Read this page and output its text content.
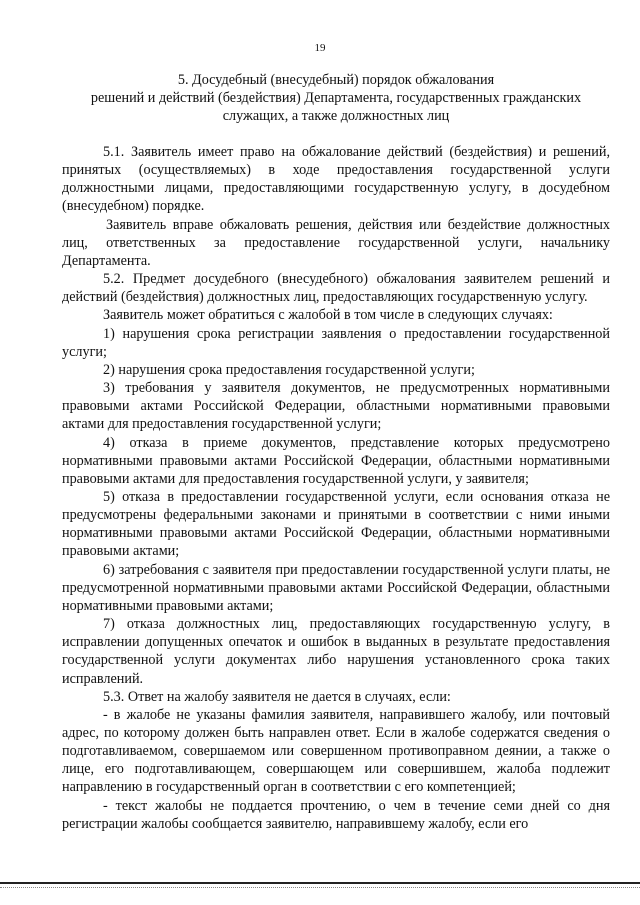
19
5. Досудебный (внесудебный) порядок обжалования
решений и действий (бездействия) Департамента, государственных гражданских
служащих, а также должностных лиц

5.1. Заявитель имеет право на обжалование действий (бездействия) и решений, принятых (осуществляемых) в ходе предоставления государственной услуги должностными лицами, предоставляющими государственную услугу, в досудебном (внесудебном) порядке.

Заявитель вправе обжаловать решения, действия или бездействие должностных лиц, ответственных за предоставление государственной услуги, начальнику Департамента.

5.2. Предмет досудебного (внесудебного) обжалования заявителем решений и действий (бездействия) должностных лиц, предоставляющих государственную услугу.

Заявитель может обратиться с жалобой в том числе в следующих случаях:

1) нарушения срока регистрации заявления о предоставлении государственной услуги;

2) нарушения срока предоставления государственной услуги;

3) требования у заявителя документов, не предусмотренных нормативными правовыми актами Российской Федерации, областными нормативными правовыми актами для предоставления государственной услуги;

4) отказа в приеме документов, представление которых предусмотрено нормативными правовыми актами Российской Федерации, областными нормативными правовыми актами для предоставления государственной услуги, у заявителя;

5) отказа в предоставлении государственной услуги, если основания отказа не предусмотрены федеральными законами и принятыми в соответствии с ними иными нормативными правовыми актами Российской Федерации, областными нормативными правовыми актами;

6) затребования с заявителя при предоставлении государственной услуги платы, не предусмотренной нормативными правовыми актами Российской Федерации, областными нормативными правовыми актами;

7) отказа должностных лиц, предоставляющих государственную услугу, в исправлении допущенных опечаток и ошибок в выданных в результате предоставления государственной услуги документах либо нарушения установленного срока таких исправлений.

5.3. Ответ на жалобу заявителя не дается в случаях, если:

- в жалобе не указаны фамилия заявителя, направившего жалобу, или почтовый адрес, по которому должен быть направлен ответ. Если в жалобе содержатся сведения о подготавливаемом, совершаемом или совершенном противоправном деянии, а также о лице, его подготавливающем, совершающем или совершившем, жалоба подлежит направлению в государственный орган в соответствии с его компетенцией;

- текст жалобы не поддается прочтению, о чем в течение семи дней со дня регистрации жалобы сообщается заявителю, направившему жалобу, если его
